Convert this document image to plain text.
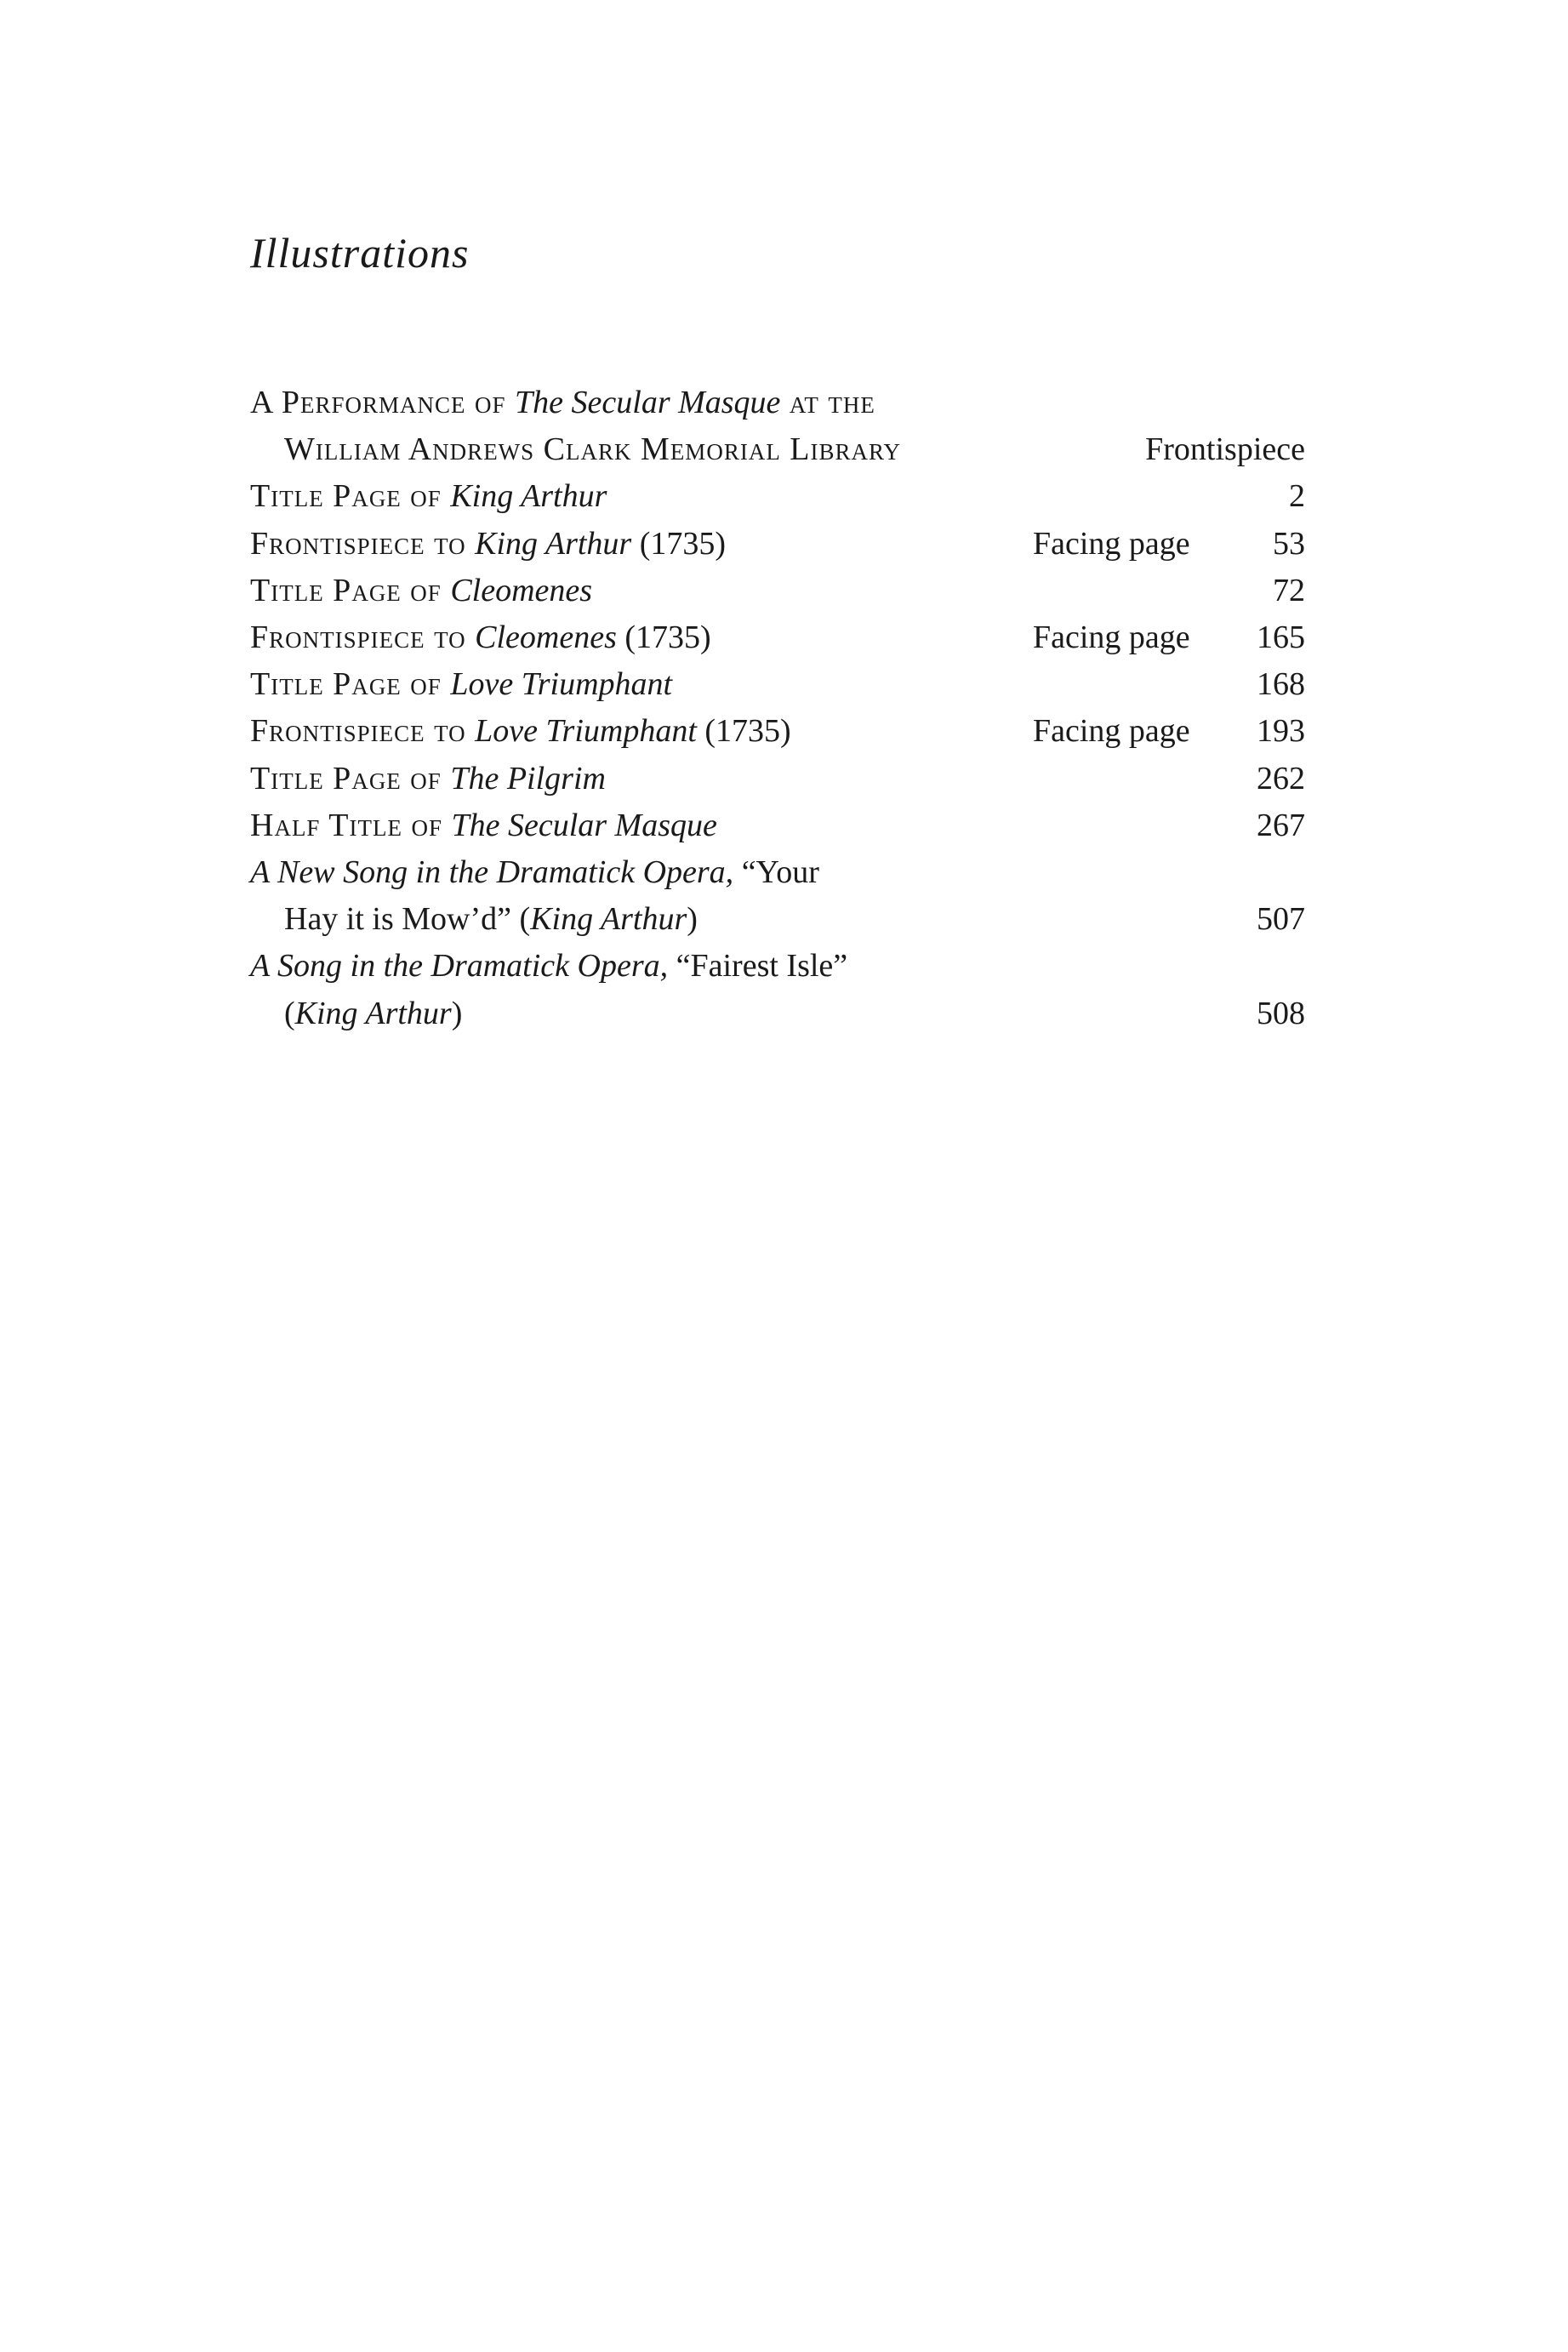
Illustrations
A Performance of The Secular Masque at the
William Andrews Clark Memorial Library	Frontispiece
Title Page of King Arthur	2
Frontispiece to King Arthur (1735)	Facing page	53
Title Page of Cleomenes	72
Frontispiece to Cleomenes (1735)	Facing page 165
Title Page of Love Triumphant	168
Frontispiece to Love Triumphant (1735)	Facing page 193
Title Page of The Pilgrim	262
Half Title of The Secular Masque	267
A New Song in the Dramatick Opera, “Your
Hay it is Mow’d” (King Arthur)	507
A Song in the Dramatick Opera, “Fairest Isle”
(King Arthur)	508
